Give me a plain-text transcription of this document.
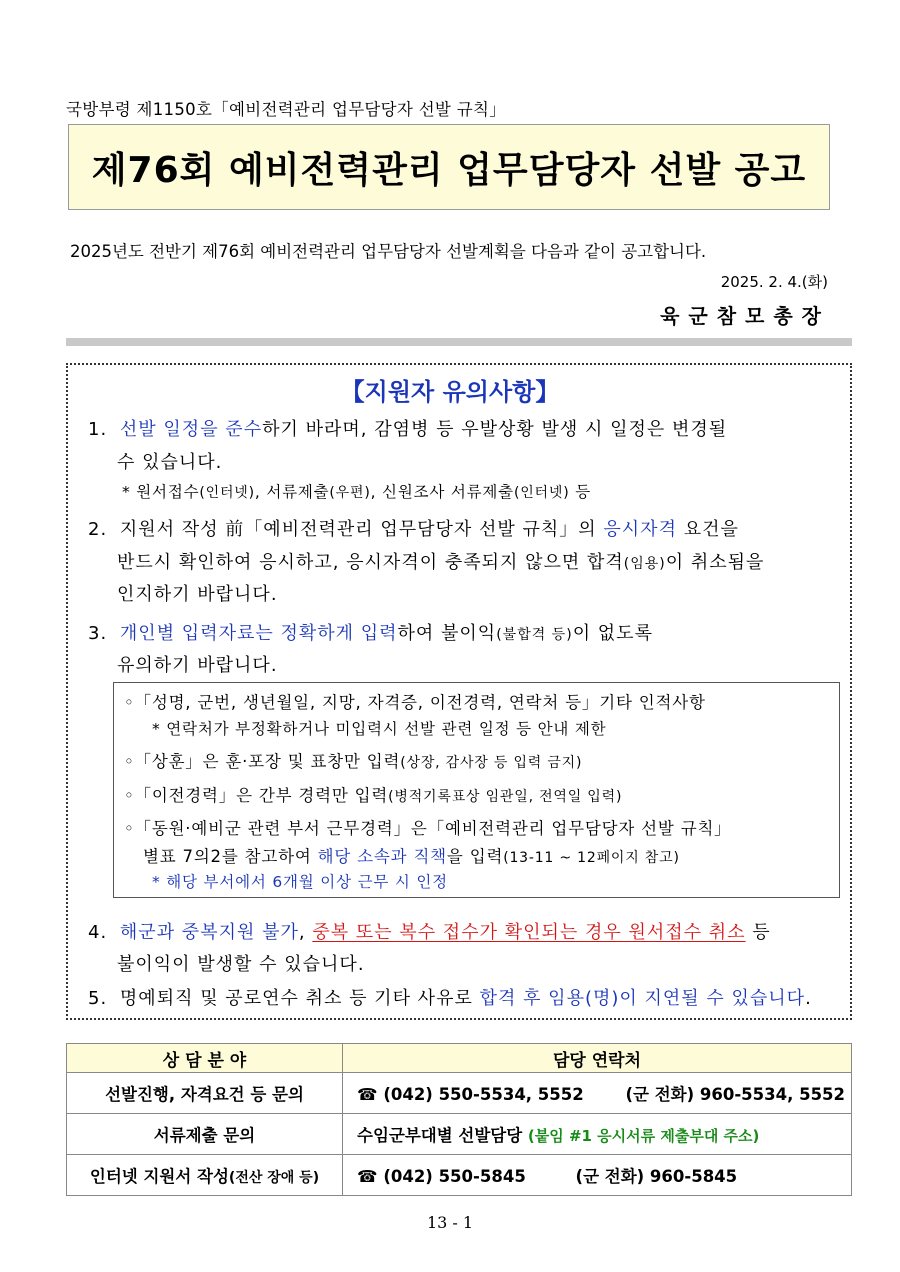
국방부령 제1150호「예비전력관리 업무담당자 선발 규칙」
제76회 예비전력관리 업무담당자 선발 공고
2025년도 전반기 제76회 예비전력관리 업무담당자 선발계획을 다음과 같이 공고합니다.
2025. 2. 4.(화)
육군참모총장
【지원자 유의사항】
1. 선발 일정을 준수하기 바라며, 감염병 등 우발상황 발생 시 일정은 변경될
수 있습니다.
* 원서접수(인터넷), 서류제출(우편), 신원조사 서류제출(인터넷) 등
2. 지원서 작성 前「예비전력관리 업무담당자 선발 규칙」의 응시자격 요건을
반드시 확인하여 응시하고, 응시자격이 충족되지 않으면 합격(임용)이 취소됨을
인지하기 바랍니다.
3. 개인별 입력자료는 정확하게 입력하여 불이익(불합격 등)이 없도록
유의하기 바랍니다.
◦「성명, 군번, 생년월일, 지망, 자격증, 이전경력, 연락처 등」기타 인적사항
* 연락처가 부정확하거나 미입력시 선발 관련 일정 등 안내 제한
◦「상훈」은 훈·포장 및 표창만 입력(상장, 감사장 등 입력 금지)
◦「이전경력」은 간부 경력만 입력(병적기록표상 임관일, 전역일 입력)
◦「동원·예비군 관련 부서 근무경력」은「예비전력관리 업무담당자 선발 규칙」
별표 7의2를 참고하여 해당 소속과 직책을 입력(13-11 ~ 12페이지 참고)
* 해당 부서에서 6개월 이상 근무 시 인정
4. 해군과 중복지원 불가, 중복 또는 복수 접수가 확인되는 경우 원서접수 취소 등
불이익이 발생할 수 있습니다.
5. 명예퇴직 및 공로연수 취소 등 기타 사유로 합격 후 임용(명)이 지연될 수 있습니다.
상 담 분 야	담당 연락처
선발진행, 자격요건 등 문의	☎ (042) 550-5534, 5552 (군 전화) 960-5534, 5552
서류제출 문의	수임군부대별 선발담당 (붙임 #1 응시서류 제출부대 주소)
인터넷 지원서 작성(전산 장애 등)	☎ (042) 550-5845 (군 전화) 960-5845
13 - 1
